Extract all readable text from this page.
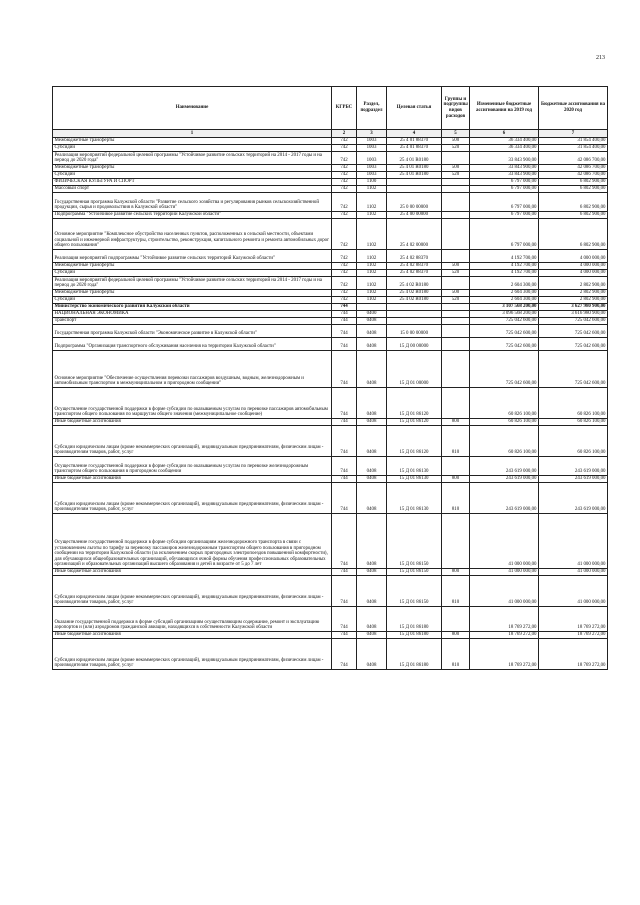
213
Наименование	КГРБС	Раздел, подраздел	Целевая статья	Группы и подгруппы видов расходов	Измененные бюджетные ассигнования на 2019 год	Бюджетные ассигнования на 2020 год
1	2	3	4	5	6	7
Межбюджетные трансферты	742	1003	25 4 01 88370	500	36 334 400,00	31 854 400,00
Субсидии	742	1003	25 4 01 88370	520	36 334 400,00	31 854 400,00
Реализация мероприятий федеральной целевой программы "Устойчивое развитие сельских территорий на 2014 - 2017 годы и на период до 2020 года"	742	1003	25 4 01 R0180		33 843 900,00	42 086 700,00
Межбюджетные трансферты	742	1003	25 4 01 R0180	500	33 843 900,00	42 086 700,00
Субсидии	742	1003	25 4 01 R0180	520	33 843 900,00	42 086 700,00
ФИЗИЧЕСКАЯ КУЛЬТУРА И СПОРТ	742	1100			6 797 000,00	6 802 900,00
Массовый спорт	742	1102			6 797 000,00	6 802 900,00
Государственная программа Калужской области "Развитие сельского хозяйства и регулирования рынков сельскохозяйственной продукции, сырья и продовольствия в Калужской области"	742	1102	25 0 00 00000		6 797 000,00	6 802 900,00
Подпрограмма "Устойчивое развитие сельских территорий Калужской области"	742	1102	25 4 00 00000		6 797 000,00	6 802 900,00
Основное мероприятие "Комплексное обустройство населенных пунктов, расположенных в сельской местности, объектами социальной и инженерной инфраструктуры, строительство, реконструкция, капитального ремонта и ремонта автомобильных дорог общего пользования"	742	1102	25 4 02 00000		6 797 000,00	6 802 900,00
Реализация мероприятий подпрограммы "Устойчивое развитие сельских территорий Калужской области"	742	1102	25 4 02 88370		4 192 700,00	4 000 000,00
Межбюджетные трансферты	742	1102	25 4 02 88370	500	4 192 700,00	4 000 000,00
Субсидии	742	1102	25 4 02 88370	520	4 192 700,00	4 000 000,00
Реализация мероприятий федеральной целевой программы "Устойчивое развитие сельских территорий на 2014 - 2017 годы и на период до 2020 года"	742	1102	25 4 02 R0180		2 604 300,00	2 802 900,00
Межбюджетные трансферты	742	1102	25 4 02 R0180	500	2 604 300,00	2 802 900,00
Субсидии	742	1102	25 4 02 R0180	520	2 604 300,00	2 802 900,00
Министерство экономического развития Калужской области	744				3 107 568 200,00	3 627 980 900,00
НАЦИОНАЛЬНАЯ ЭКОНОМИКА	744	0400			3 096 568 200,00	3 616 980 900,00
Транспорт	744	0408			725 042 600,00	725 042 600,00
Государственная программа Калужской области "Экономическое развитие в Калужской области"	744	0408	15 0 00 00000		725 042 600,00	725 042 600,00
Подпрограмма "Организация транспортного обслуживания населения на территории Калужской области"	744	0408	15 Д 00 00000		725 042 600,00	725 042 600,00
Основное мероприятие "Обеспечение осуществления перевозки пассажиров воздушным, водным, железнодорожным и автомобильным транспортом в межмуниципальном и пригородном сообщении"	744	0408	15 Д 01 00000		725 042 600,00	725 042 600,00
Осуществление государственной поддержки в форме субсидии по оказываемым услугам по перевозке пассажиров автомобильным транспортом общего пользования по маршрутам общего значения (межмуниципальное сообщение)	744	0408	15 Д 01 86120		60 826 100,00	60 826 100,00
Иные бюджетные ассигнования	744	0408	15 Д 01 86120	800	60 826 100,00	60 826 100,00
Субсидии юридическим лицам (кроме некоммерческих организаций), индивидуальным предпринимателям, физическим лицам - производителям товаров, работ, услуг	744	0408	15 Д 01 86120	810	60 826 100,00	60 826 100,00
Осуществление государственной поддержки в форме субсидии по оказываемым услугам по перевозке железнодорожным транспортом общего пользования в пригородном сообщении	744	0408	15 Д 01 86130		243 619 000,00	243 619 000,00
Иные бюджетные ассигнования	744	0408	15 Д 01 86130	800	243 619 000,00	243 619 000,00
Субсидии юридическим лицам (кроме некоммерческих организаций), индивидуальным предпринимателям, физическим лицам - производителям товаров, работ, услуг	744	0408	15 Д 01 86130	810	243 619 000,00	243 619 000,00
Осуществление государственной поддержки в форме субсидии организациям железнодорожного транспорта в связи с установлением льготы по тарифу за перевозку пассажиров железнодорожным транспортом общего пользования в пригородном сообщении на территории Калужской области (за исключением скорых пригородных электропоездов повышенной комфортности), для обучающихся общеобразовательных организаций, обучающихся очной формы обучения профессиональных образовательных организаций и образовательных организаций высшего образования и детей в возрасте от 5 до 7 лет	744	0408	15 Д 01 86150		41 000 000,00	41 000 000,00
Иные бюджетные ассигнования	744	0408	15 Д 01 86150	800	41 000 000,00	41 000 000,00
Субсидии юридическим лицам (кроме некоммерческих организаций), индивидуальным предпринимателям, физическим лицам - производителям товаров, работ, услуг	744	0408	15 Д 01 86150	810	41 000 000,00	41 000 000,00
Оказание государственной поддержки в форме субсидий организациям осуществляющим содержание, ремонт и эксплуатацию аэропортов и (или) аэродромов гражданской авиации, находящихся в собственности Калужской области	744	0408	15 Д 01 86180		18 769 272,00	18 769 272,00
Иные бюджетные ассигнования	744	0408	15 Д 01 86180	800	18 769 272,00	18 769 272,00
Субсидии юридическим лицам (кроме некоммерческих организаций), индивидуальным предпринимателям, физическим лицам - производителям товаров, работ, услуг	744	0408	15 Д 01 86180	810	18 769 272,00	18 769 272,00
